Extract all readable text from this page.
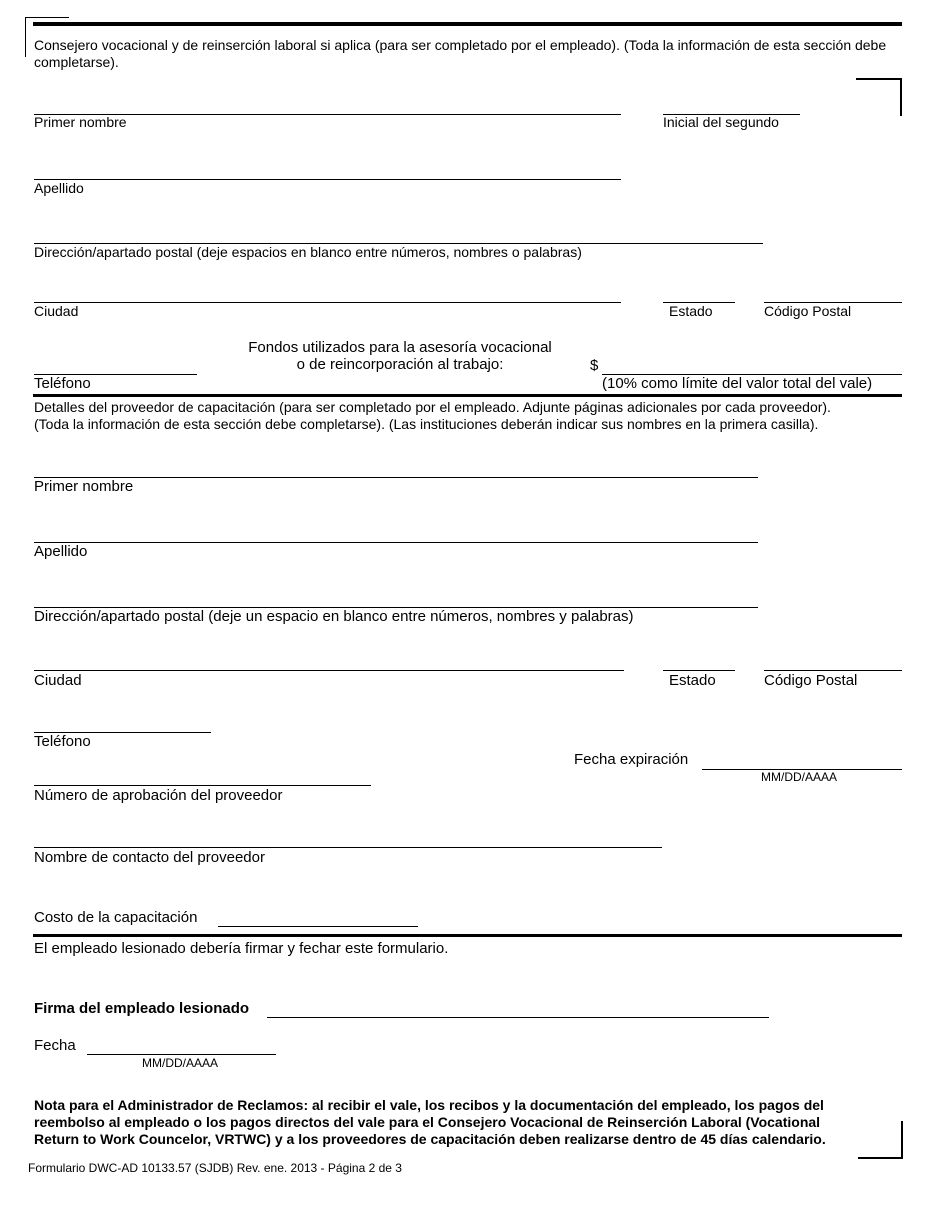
Consejero vocacional y de reinserción laboral si aplica (para ser completado por el empleado). (Toda la información de esta sección debe completarse).
Primer nombre	Inicial del segundo
Apellido
Dirección/apartado postal (deje espacios en blanco entre números, nombres o palabras)
Ciudad	Estado	Código Postal
Fondos utilizados para la asesoría vocacional
o de reincorporación al trabajo:	$
Teléfono	(10% como límite del valor total del vale)
Detalles del proveedor de capacitación (para ser completado por el empleado. Adjunte páginas adicionales por cada proveedor).
(Toda la información de esta sección debe completarse). (Las instituciones deberán indicar sus nombres en la primera casilla).
Primer nombre
Apellido
Dirección/apartado postal (deje un espacio en blanco entre números, nombres y palabras)
Ciudad	Estado	Código Postal
Teléfono
Fecha expiración
MM/DD/AAAA
Número de aprobación del proveedor
Nombre de contacto del proveedor
Costo de la capacitación
El empleado lesionado debería firmar y fechar este formulario.
Firma del empleado lesionado
Fecha
MM/DD/AAAA
Nota para el Administrador de Reclamos: al recibir el vale, los recibos y la documentación del empleado, los pagos del
reembolso al empleado o los pagos directos del vale para el Consejero Vocacional de Reinserción Laboral (Vocational
Return to Work Councelor, VRTWC) y a los proveedores de capacitación deben realizarse dentro de 45 días calendario.
Formulario DWC-AD 10133.57 (SJDB) Rev. ene. 2013 - Página 2 de 3
